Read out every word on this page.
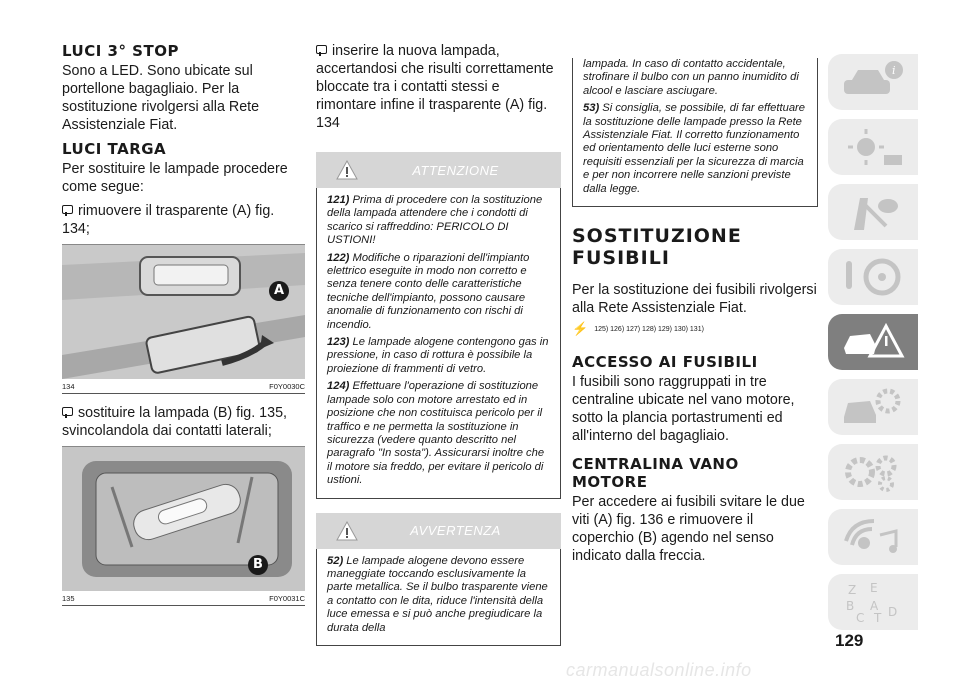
LUCI 3° STOP

Sono a LED. Sono ubicate sul portellone bagagliaio. Per la sostituzione rivolgersi alla Rete Assistenziale Fiat.

LUCI TARGA

Per sostituire le lampade procedere come segue:

rimuovere il trasparente (A) fig. 134;
A
134	F0Y0030C
sostituire la lampada (B) fig. 135, svincolandola dai contatti laterali;
B
135	F0Y0031C
inserire la nuova lampada, accertandosi che risulti correttamente bloccate tra i contatti stessi e rimontare infine il trasparente (A) fig. 134
ATTENZIONE
121) Prima di procedere con la sostituzione della lampada attendere che i condotti di scarico si raffreddino: PERICOLO DI USTIONI!
122) Modifiche o riparazioni dell'impianto elettrico eseguite in modo non corretto e senza tenere conto delle caratteristiche tecniche dell'impianto, possono causare anomalie di funzionamento con rischi di incendio.
123) Le lampade alogene contengono gas in pressione, in caso di rottura è possibile la proiezione di frammenti di vetro.
124) Effettuare l'operazione di sostituzione lampade solo con motore arrestato ed in posizione che non costituisca pericolo per il traffico e ne permetta la sostituzione in sicurezza (vedere quanto descritto nel paragrafo "In sosta"). Assicurarsi inoltre che il motore sia freddo, per evitare il pericolo di ustioni.
AVVERTENZA
52) Le lampade alogene devono essere maneggiate toccando esclusivamente la parte metallica. Se il bulbo trasparente viene a contatto con le dita, riduce l'intensità della luce emessa e si può anche pregiudicare la durata della
lampada. In caso di contatto accidentale, strofinare il bulbo con un panno inumidito di alcool e lasciare asciugare.
53) Si consiglia, se possibile, di far effettuare la sostituzione delle lampade presso la Rete Assistenziale Fiat. Il corretto funzionamento ed orientamento delle luci esterne sono requisiti essenziali per la sicurezza di marcia e per non incorrere nelle sanzioni previste dalla legge.
SOSTITUZIONE
FUSIBILI

Per la sostituzione dei fusibili rivolgersi alla Rete Assistenziale Fiat.

⚡ 125) 126) 127) 128) 129) 130) 131)
ACCESSO AI FUSIBILI

I fusibili sono raggruppati in tre centraline ubicate nel vano motore, sotto la plancia portastrumenti ed all'interno del bagagliaio.

CENTRALINA VANO
MOTORE

Per accedere ai fusibili svitare le due viti (A) fig. 136 e rimuovere il coperchio (B) agendo nel senso indicato dalla freccia.

i
Z E
B A
C T D
129
carmanualsonline.info
